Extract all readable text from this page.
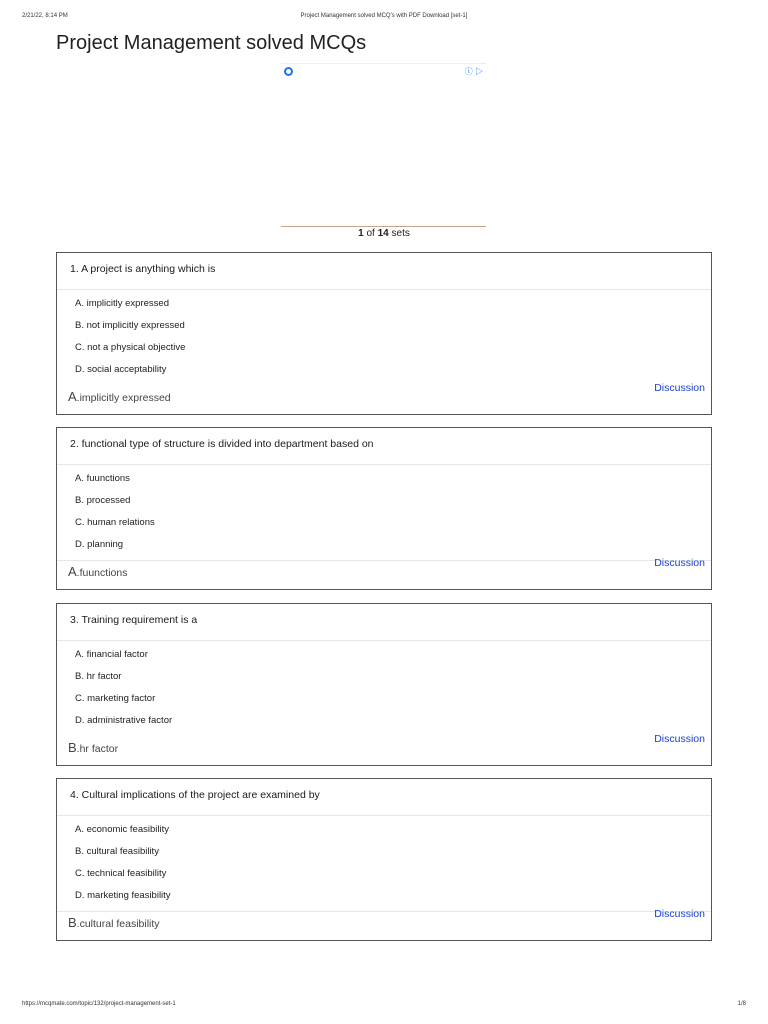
2/21/22, 8:14 PM	Project Management solved MCQ's with PDF Download [set-1]
Project Management solved MCQs
ⓘ ▷
1 of 14 sets
1. A project is anything which is
A. implicitly expressed
B. not implicitly expressed
C. not a physical objective
D. social acceptability
A.implicitly expressed
Discussion
2. functional type of structure is divided into department based on
A. fuunctions
B. processed
C. human relations
D. planning
A.fuunctions
Discussion
3. Training requirement is a
A. financial factor
B. hr factor
C. marketing factor
D. administrative factor
B.hr factor
Discussion
4. Cultural implications of the project are examined by
A. economic feasibility
B. cultural feasibility
C. technical feasibility
D. marketing feasibility
B.cultural feasibility
Discussion
https://mcqmate.com/topic/132/project-management-set-1	1/8
